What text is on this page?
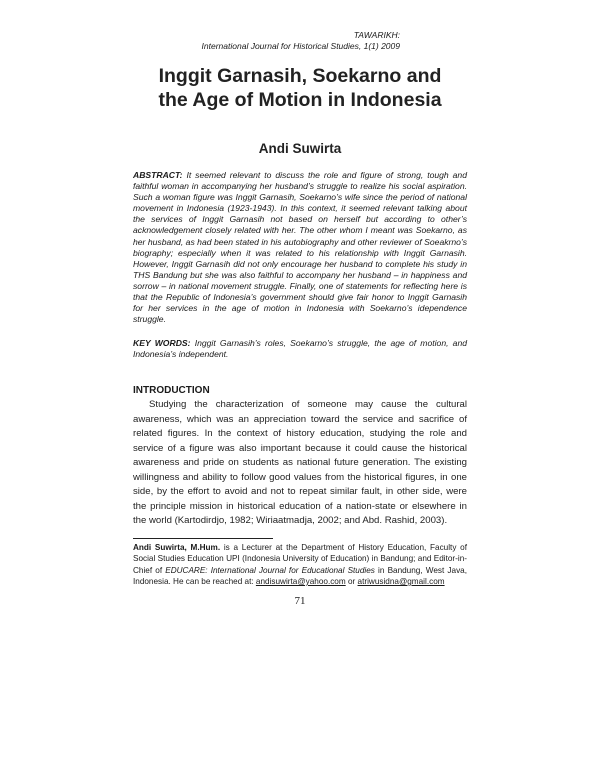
TAWARIKH:
International Journal for Historical Studies, 1(1) 2009
Inggit Garnasih, Soekarno and
the Age of Motion in Indonesia
Andi Suwirta

ABSTRACT: It seemed relevant to discuss the role and figure of strong, tough and faithful woman in accompanying her husband’s struggle to realize his social aspiration. Such a woman figure was Inggit Garnasih, Soekarno’s wife since the period of national movement in Indonesia (1923-1943). In this context, it seemed relevant talking about the services of Inggit Garnasih not based on herself but according to other’s acknowledgement closely related with her. The other whom I meant was Soekarno, as her husband, as had been stated in his autobiography and other reviewer of Soeakrno’s biography; especially when it was related to his relationship with Inggit Garnasih. However, Inggit Garnasih did not only encourage her husband to complete his study in THS Bandung but she was also faithful to accompany her husband – in happiness and sorrow – in national movement struggle. Finally, one of statements for reflecting here is that the Republic of Indonesia’s government should give fair honor to Inggit Garnasih for her services in the age of motion in Indonesia with Soekarno’s idependence struggle.

KEY WORDS: Inggit Garnasih’s roles, Soekarno’s struggle, the age of motion, and Indonesia’s independent.

INTRODUCTION

Studying the characterization of someone may cause the cultural awareness, which was an appreciation toward the service and sacrifice of related figures. In the context of history education, studying the role and service of a figure was also important because it could cause the historical awareness and pride on students as national future generation. The existing willingness and ability to follow good values from the historical figures, in one side, by the effort to avoid and not to repeat similar fault, in other side, were the principle mission in historical education of a nation-state or elsewhere in the world (Kartodirdjo, 1982; Wiriaatmadja, 2002; and Abd. Rashid, 2003).

Andi Suwirta, M.Hum. is a Lecturer at the Department of History Education, Faculty of Social Studies Education UPI (Indonesia University of Education) in Bandung; and Editor-in-Chief of EDUCARE: International Journal for Educational Studies in Bandung, West Java, Indonesia. He can be reached at: andisuwirta@yahoo.com or atriwusidna@gmail.com

71
